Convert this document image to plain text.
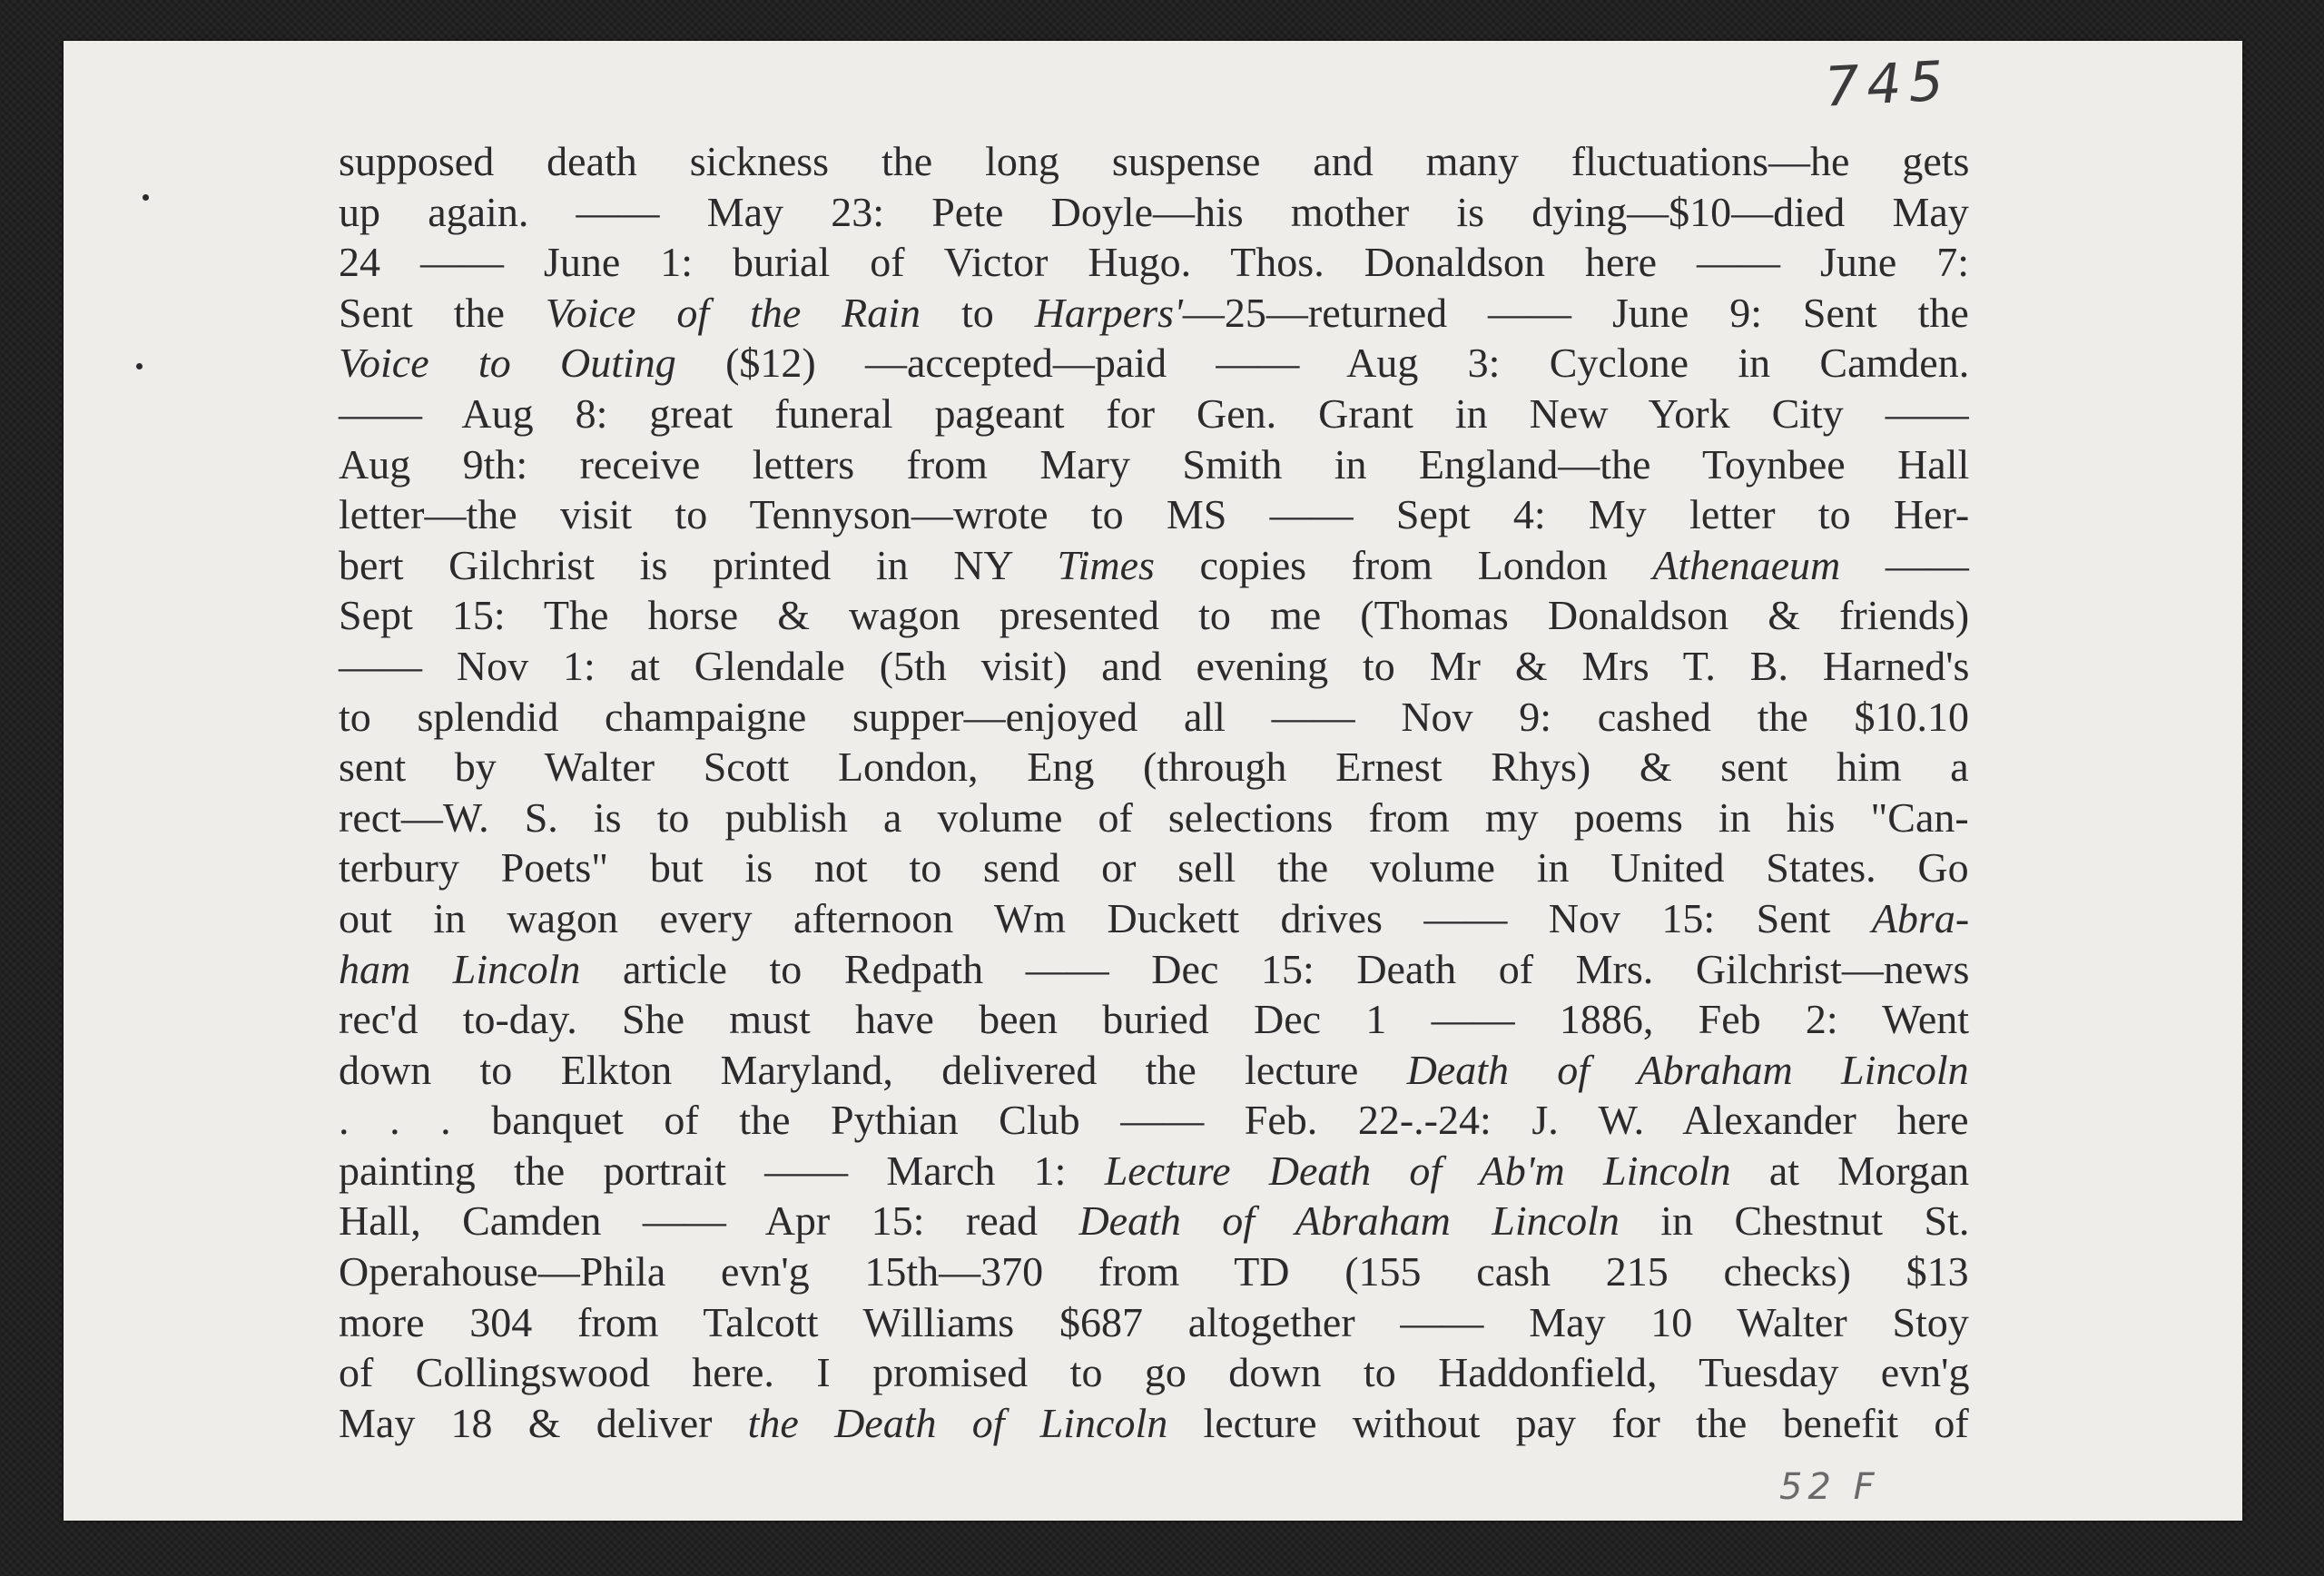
745
supposed death sickness the long suspense and many fluctuations—he gets
up again. —— May 23: Pete Doyle—his mother is dying—$10—died May
24 —— June 1: burial of Victor Hugo. Thos. Donaldson here —— June 7:
Sent the Voice of the Rain to Harpers'—25—returned —— June 9: Sent the
Voice to Outing ($12) —accepted—paid —— Aug 3: Cyclone in Camden.
—— Aug 8: great funeral pageant for Gen. Grant in New York City ——
Aug 9th: receive letters from Mary Smith in England—the Toynbee Hall
letter—the visit to Tennyson—wrote to MS —— Sept 4: My letter to Her-
bert Gilchrist is printed in NY Times copies from London Athenaeum ——
Sept 15: The horse & wagon presented to me (Thomas Donaldson & friends)
—— Nov 1: at Glendale (5th visit) and evening to Mr & Mrs T. B. Harned's
to splendid champaigne supper—enjoyed all —— Nov 9: cashed the $10.10
sent by Walter Scott London, Eng (through Ernest Rhys) & sent him a
rect—W. S. is to publish a volume of selections from my poems in his "Can-
terbury Poets" but is not to send or sell the volume in United States. Go
out in wagon every afternoon Wm Duckett drives —— Nov 15: Sent Abra-
ham Lincoln article to Redpath —— Dec 15: Death of Mrs. Gilchrist—news
rec'd to-day. She must have been buried Dec 1 —— 1886, Feb 2: Went
down to Elkton Maryland, delivered the lecture Death of Abraham Lincoln
. . . banquet of the Pythian Club —— Feb. 22-.-24: J. W. Alexander here
painting the portrait —— March 1: Lecture Death of Ab'm Lincoln at Morgan
Hall, Camden —— Apr 15: read Death of Abraham Lincoln in Chestnut St.
Operahouse—Phila evn'g 15th—370 from TD (155 cash 215 checks) $13
more 304 from Talcott Williams $687 altogether —— May 10 Walter Stoy
of Collingswood here. I promised to go down to Haddonfield, Tuesday evn'g
May 18 & deliver the Death of Lincoln lecture without pay for the benefit of
52 F
